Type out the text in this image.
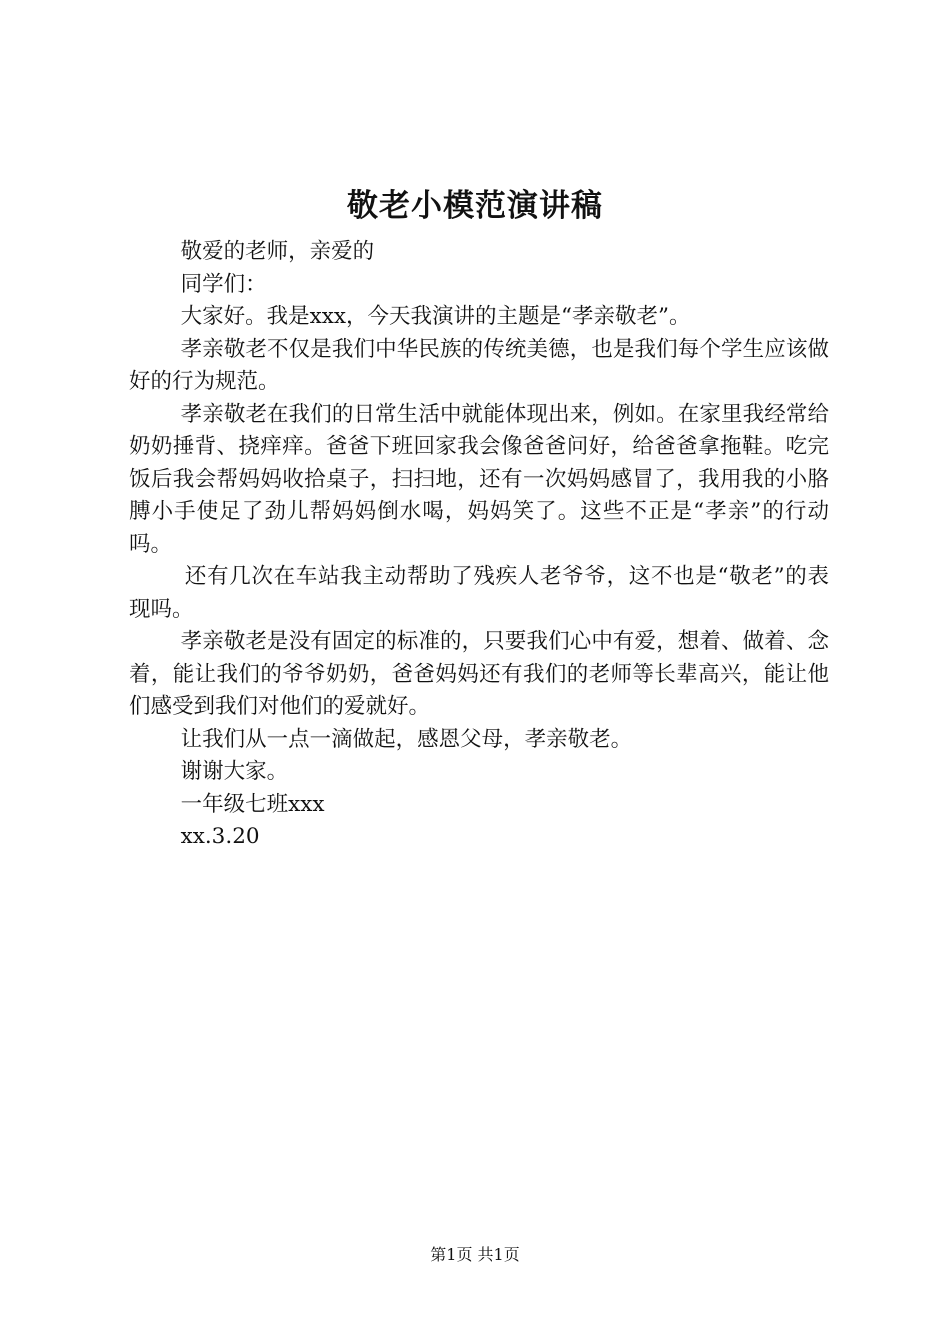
敬老小模范演讲稿

敬爱的老师，亲爱的

同学们：

大家好。我是xxx，今天我演讲的主题是“孝亲敬老”。

孝亲敬老不仅是我们中华民族的传统美德，也是我们每个学生应该做好的行为规范。

孝亲敬老在我们的日常生活中就能体现出来，例如。在家里我经常给奶奶捶背、挠痒痒。爸爸下班回家我会像爸爸问好，给爸爸拿拖鞋。吃完饭后我会帮妈妈收拾桌子，扫扫地，还有一次妈妈感冒了，我用我的小胳膊小手使足了劲儿帮妈妈倒水喝，妈妈笑了。这些不正是“孝亲”的行动吗。

还有几次在车站我主动帮助了残疾人老爷爷，这不也是“敬老”的表现吗。

孝亲敬老是没有固定的标准的，只要我们心中有爱，想着、做着、念着，能让我们的爷爷奶奶，爸爸妈妈还有我们的老师等长辈高兴，能让他们感受到我们对他们的爱就好。

让我们从一点一滴做起，感恩父母，孝亲敬老。

谢谢大家。

一年级七班xxx

xx.3.20

第1页 共1页
